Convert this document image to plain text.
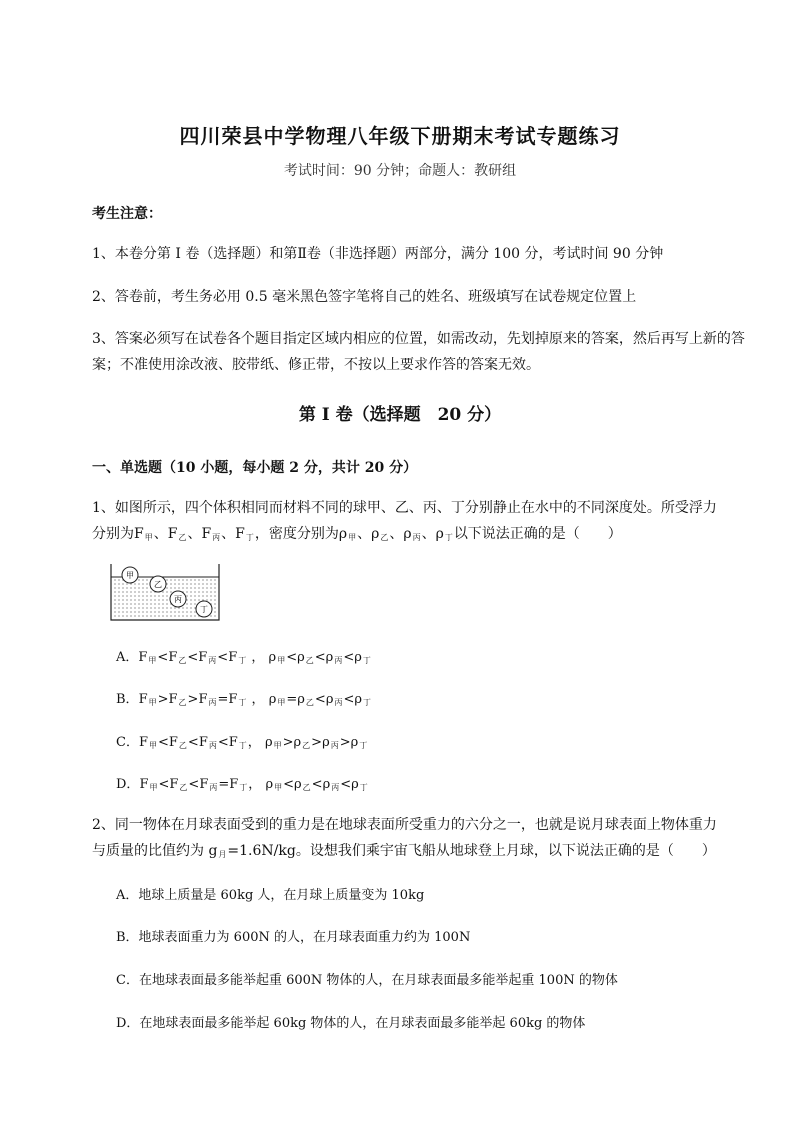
四川荣县中学物理八年级下册期末考试专题练习
考试时间：90 分钟；命题人：教研组
考生注意：
1、本卷分第 I 卷（选择题）和第Ⅱ卷（非选择题）两部分，满分 100 分，考试时间 90 分钟
2、答卷前，考生务必用 0.5 毫米黑色签字笔将自己的姓名、班级填写在试卷规定位置上
3、答案必须写在试卷各个题目指定区域内相应的位置，如需改动，先划掉原来的答案，然后再写上新的答案；不准使用涂改液、胶带纸、修正带，不按以上要求作答的答案无效。
第 I 卷（选择题　20 分）
一、单选题（10 小题，每小题 2 分，共计 20 分）
1、如图所示，四个体积相同而材料不同的球甲、乙、丙、丁分别静止在水中的不同深度处。所受浮力
分别为$F_甲$、$F_乙$、$F_丙$、$F_丁$，密度分别为$\rho_甲$、$\rho_乙$、$\rho_丙$、$\rho_丁$以下说法正确的是（　　）
甲
乙
丙
丁
A．$F_甲<F_乙<F_丙<F_丁$ ， $\rho_甲<\rho_乙<\rho_丙<\rho_丁$
B．$F_甲>F_乙>F_丙=F_丁$ ， $\rho_甲=\rho_乙<\rho_丙<\rho_丁$
C．$F_甲<F_乙<F_丙<F_丁$， $\rho_甲>\rho_乙>\rho_丙>\rho_丁$
D．$F_甲<F_乙<F_丙=F_丁$， $\rho_甲<\rho_乙<\rho_丙<\rho_丁$
2、同一物体在月球表面受到的重力是在地球表面所受重力的六分之一，也就是说月球表面上物体重力
与质量的比值约为 $g_月=1.6N/kg$。设想我们乘宇宙飞船从地球登上月球，以下说法正确的是（　　）
A．地球上质量是 60kg 人，在月球上质量变为 10kg
B．地球表面重力为 600N 的人，在月球表面重力约为 100N
C．在地球表面最多能举起重 600N 物体的人，在月球表面最多能举起重 100N 的物体
D．在地球表面最多能举起 60kg 物体的人，在月球表面最多能举起 60kg 的物体
